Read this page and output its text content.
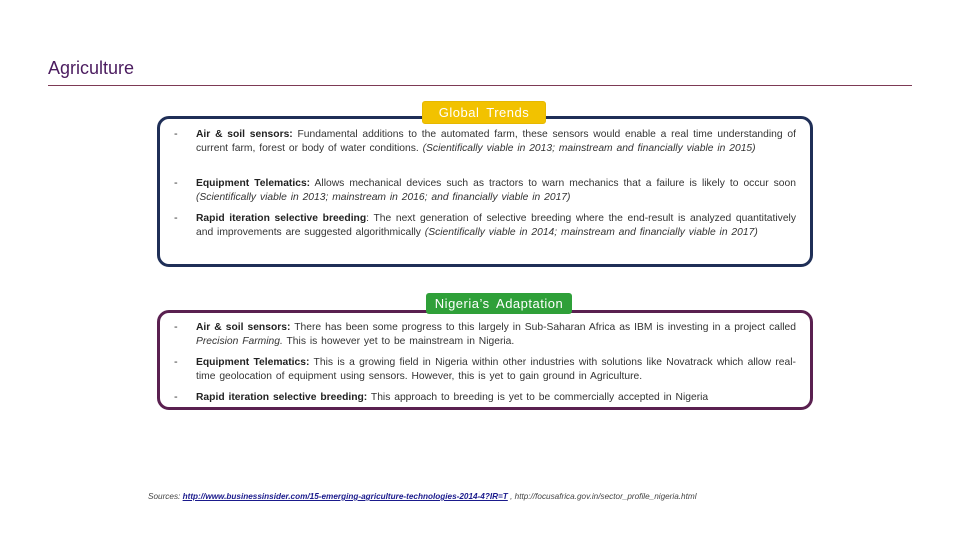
Agriculture
- Air & soil sensors: Fundamental additions to the automated farm, these sensors would enable a real time understanding of current farm, forest or body of water conditions. (Scientifically viable in 2013; mainstream and financially viable in 2015)
- Equipment Telematics: Allows mechanical devices such as tractors to warn mechanics that a failure is likely to occur soon (Scientifically viable in 2013; mainstream in 2016; and financially viable in 2017)
- Rapid iteration selective breeding: The next generation of selective breeding where the end-result is analyzed quantitatively and improvements are suggested algorithmically (Scientifically viable in 2014; mainstream and financially viable in 2017)
Global Trends
- Air & soil sensors: There has been some progress to this largely in Sub-Saharan Africa as IBM is investing in a project called Precision Farming. This is however yet to be mainstream in Nigeria.
- Equipment Telematics: This is a growing field in Nigeria within other industries with solutions like Novatrack which allow real-time geolocation of equipment using sensors. However, this is yet to gain ground in Agriculture.
- Rapid iteration selective breeding: This approach to breeding is yet to be commercially accepted in Nigeria
Nigeria’s Adaptation
Sources: http://www.businessinsider.com/15-emerging-agriculture-technologies-2014-4?IR=T , http://focusafrica.gov.in/sector_profile_nigeria.html
